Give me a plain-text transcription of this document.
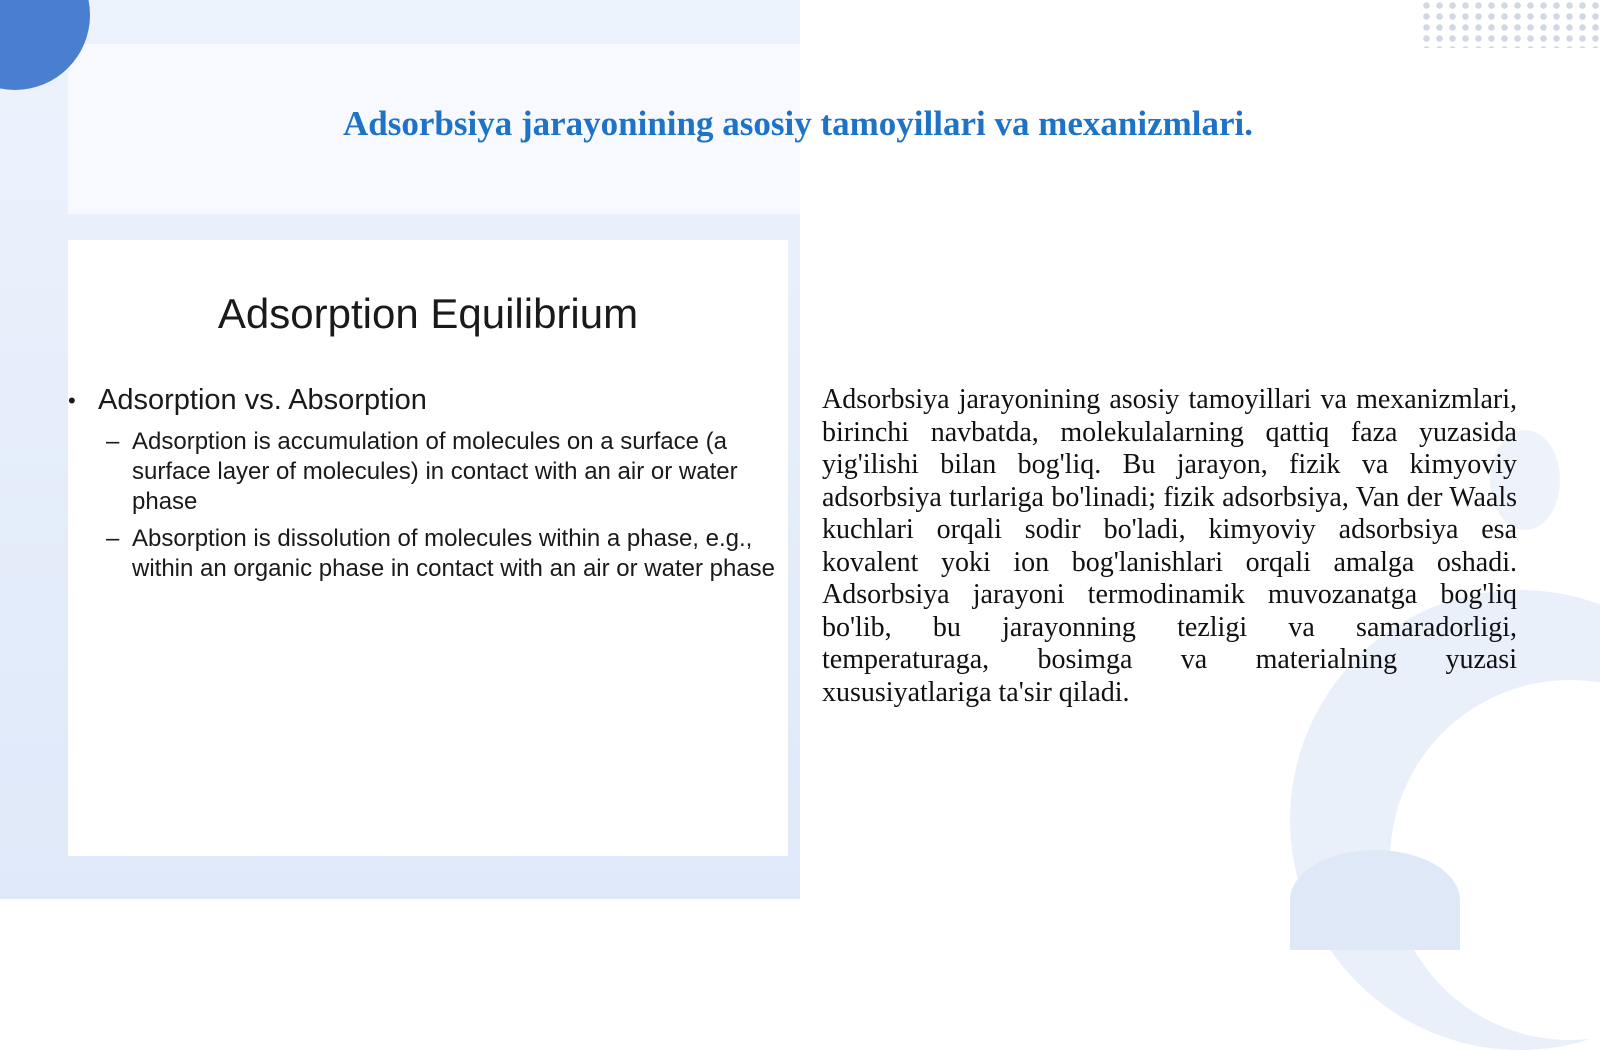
Adsorbsiya jarayonining asosiy tamoyillari va mexanizmlari.
Adsorption Equilibrium

• Adsorption vs. Absorption

– Adsorption is accumulation of molecules on a surface (a surface layer of molecules) in contact with an air or water phase
– Absorption is dissolution of molecules within a phase, e.g., within an organic phase in contact with an air or water phase

Adsorbsiya jarayonining asosiy tamoyillari va mexanizmlari, birinchi navbatda, molekulalarning qattiq faza yuzasida yig'ilishi bilan bog'liq. Bu jarayon, fizik va kimyoviy adsorbsiya turlariga bo'linadi; fizik adsorbsiya, Van der Waals kuchlari orqali sodir bo'ladi, kimyoviy adsorbsiya esa kovalent yoki ion bog'lanishlari orqali amalga oshadi. Adsorbsiya jarayoni termodinamik muvozanatga bog'liq bo'lib, bu jarayonning tezligi va samaradorligi, temperaturaga, bosimga va materialning yuzasi xususiyatlariga ta'sir qiladi.
